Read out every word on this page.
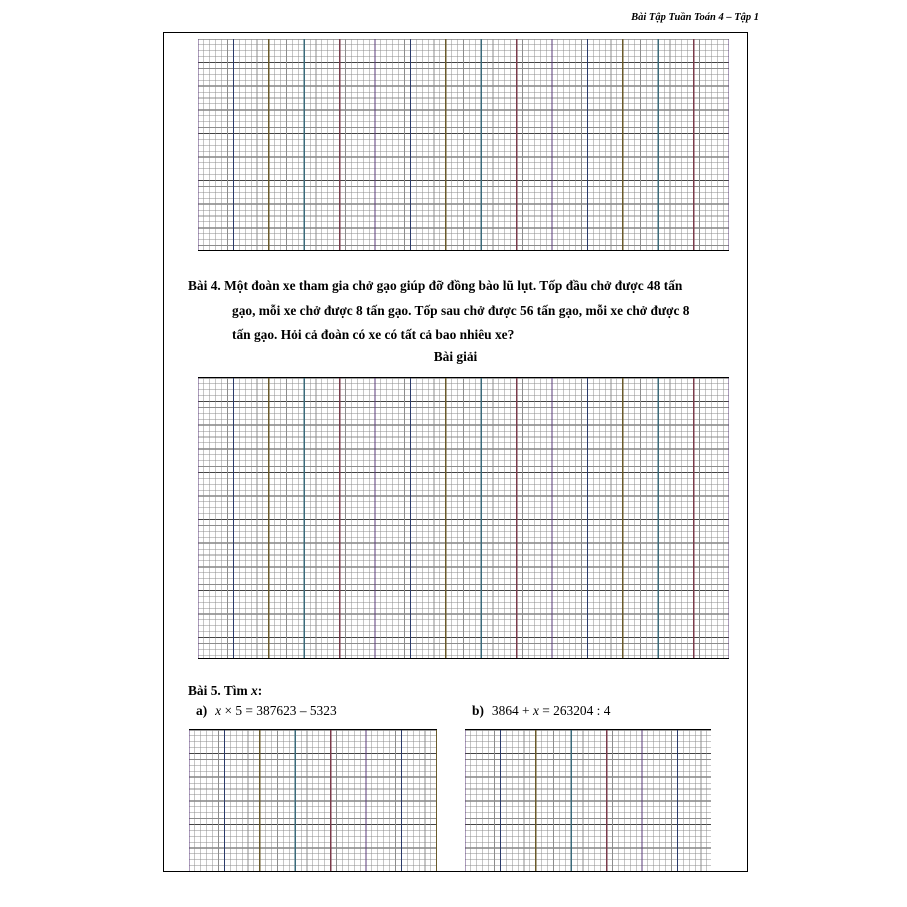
Bài Tập Tuần Toán 4 – Tập 1
Bài 4. Một đoàn xe tham gia chở gạo giúp đỡ đồng bào lũ lụt. Tốp đầu chở được 48 tấn
gạo, mỗi xe chở được 8 tấn gạo. Tốp sau chở được 56 tấn gạo, mỗi xe chở được 8
tấn gạo. Hỏi cả đoàn có xe có tất cả bao nhiêu xe?
Bài giải
Bài 5. Tìm x:
a) x × 5 = 387623 – 5323	b) 3864 + x = 263204 : 4
